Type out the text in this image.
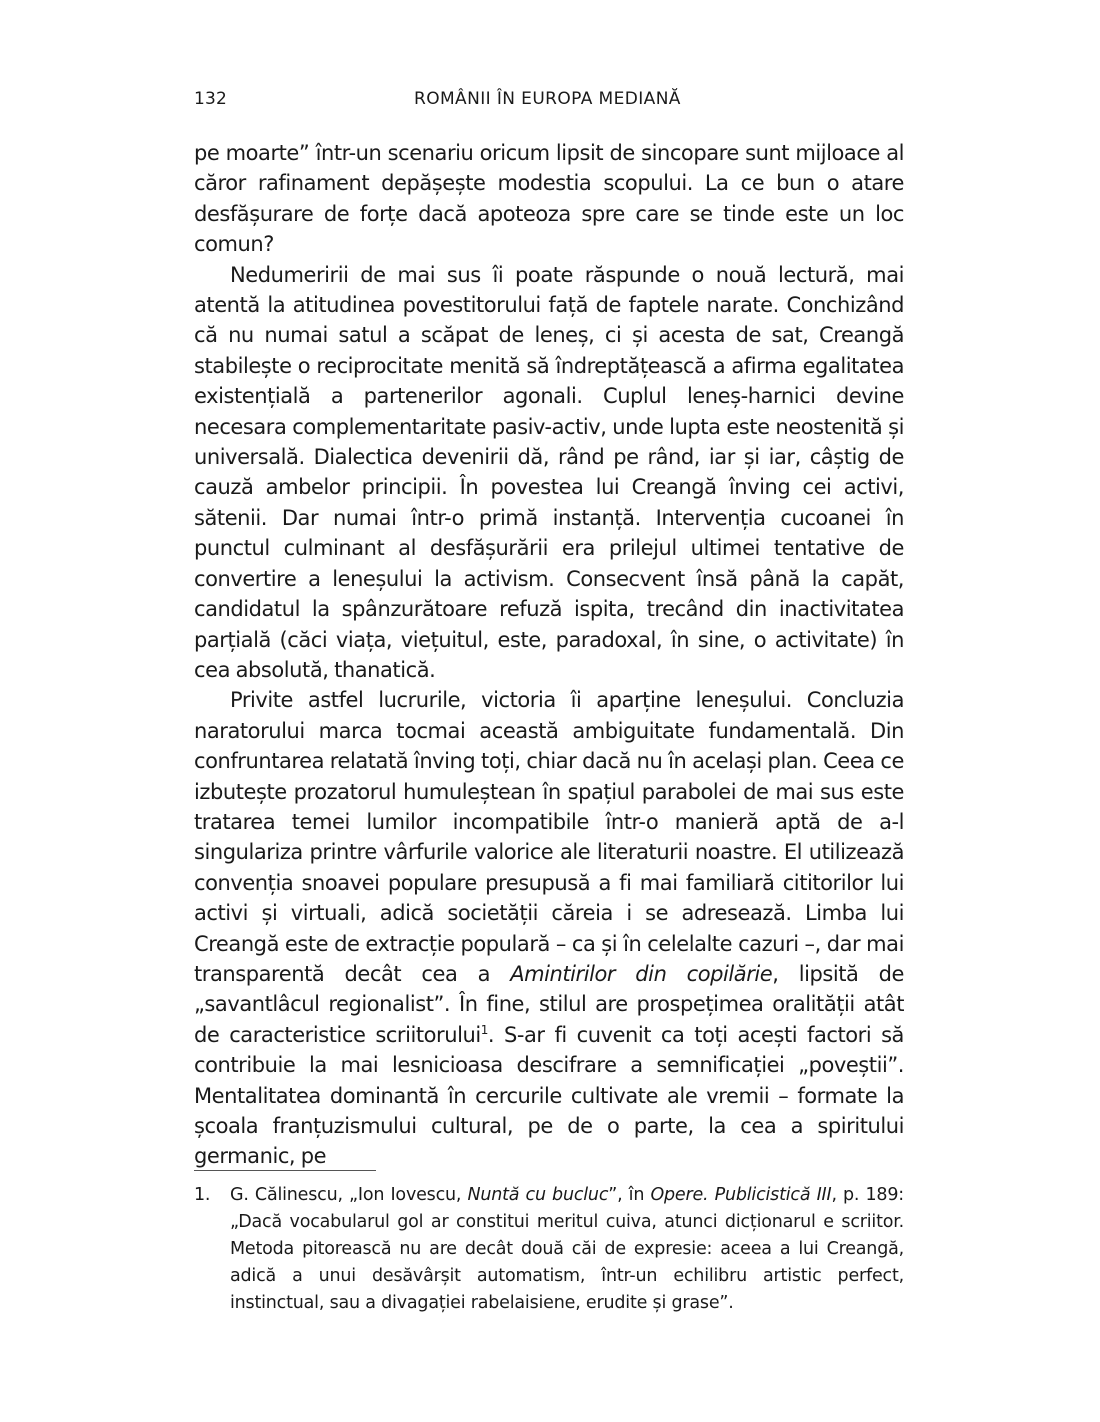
132	ROMÂNII ÎN EUROPA MEDIANĂ

pe moarte” într-un scenariu oricum lipsit de sincopare sunt mijloace al căror rafinament depășește modestia scopului. La ce bun o atare desfășurare de forțe dacă apoteoza spre care se tinde este un loc comun?

Nedumeririi de mai sus îi poate răspunde o nouă lectură, mai atentă la atitudinea povestitorului față de faptele narate. Conchizând că nu numai satul a scăpat de leneș, ci și acesta de sat, Creangă stabilește o reciprocitate menită să îndreptățească a afirma egalitatea existențială a partenerilor agonali. Cuplul leneș-harnici devine necesara complementaritate pasiv-activ, unde lupta este neostenită și universală. Dialectica devenirii dă, rând pe rând, iar și iar, câștig de cauză ambelor principii. În povestea lui Creangă înving cei activi, sătenii. Dar numai într-o primă instanță. Intervenția cucoanei în punctul culminant al desfășurării era prilejul ultimei tentative de convertire a leneșului la activism. Consecvent însă până la capăt, candidatul la spânzurătoare refuză ispita, trecând din inactivitatea parțială (căci viața, viețuitul, este, paradoxal, în sine, o activitate) în cea absolută, thanatică.

Privite astfel lucrurile, victoria îi aparține leneșului. Concluzia naratorului marca tocmai această ambiguitate fundamentală. Din confruntarea relatată înving toți, chiar dacă nu în același plan. Ceea ce izbutește prozatorul humuleștean în spațiul parabolei de mai sus este tratarea temei lumilor incompatibile într-o manieră aptă de a-l singulariza printre vârfurile valorice ale literaturii noastre. El utilizează convenția snoavei populare presupusă a fi mai familiară cititorilor lui activi și virtuali, adică societății căreia i se adresează. Limba lui Creangă este de extracție populară – ca și în celelalte cazuri –, dar mai transparentă decât cea a Amintirilor din copilărie, lipsită de „savantlâcul regionalist”. În fine, stilul are prospețimea oralității atât de caracteristice scriitorului$^1$. S-ar fi cuvenit ca toți acești factori să contribuie la mai lesnicioasa descifrare a semnificației „poveștii”. Mentalitatea dominantă în cercurile cultivate ale vremii – formate la școala franțuzismului cultural, pe de o parte, la cea a spiritului germanic, pe

1. G. Călinescu, „Ion Iovescu, Nuntă cu bucluc”, în Opere. Publicistică III, p. 189: „Dacă vocabularul gol ar constitui meritul cuiva, atunci dicționarul e scriitor. Metoda pitorească nu are decât două căi de expresie: aceea a lui Creangă, adică a unui desăvârșit automatism, într-un echilibru artistic perfect, instinctual, sau a divagației rabelaisiene, erudite și grase”.
